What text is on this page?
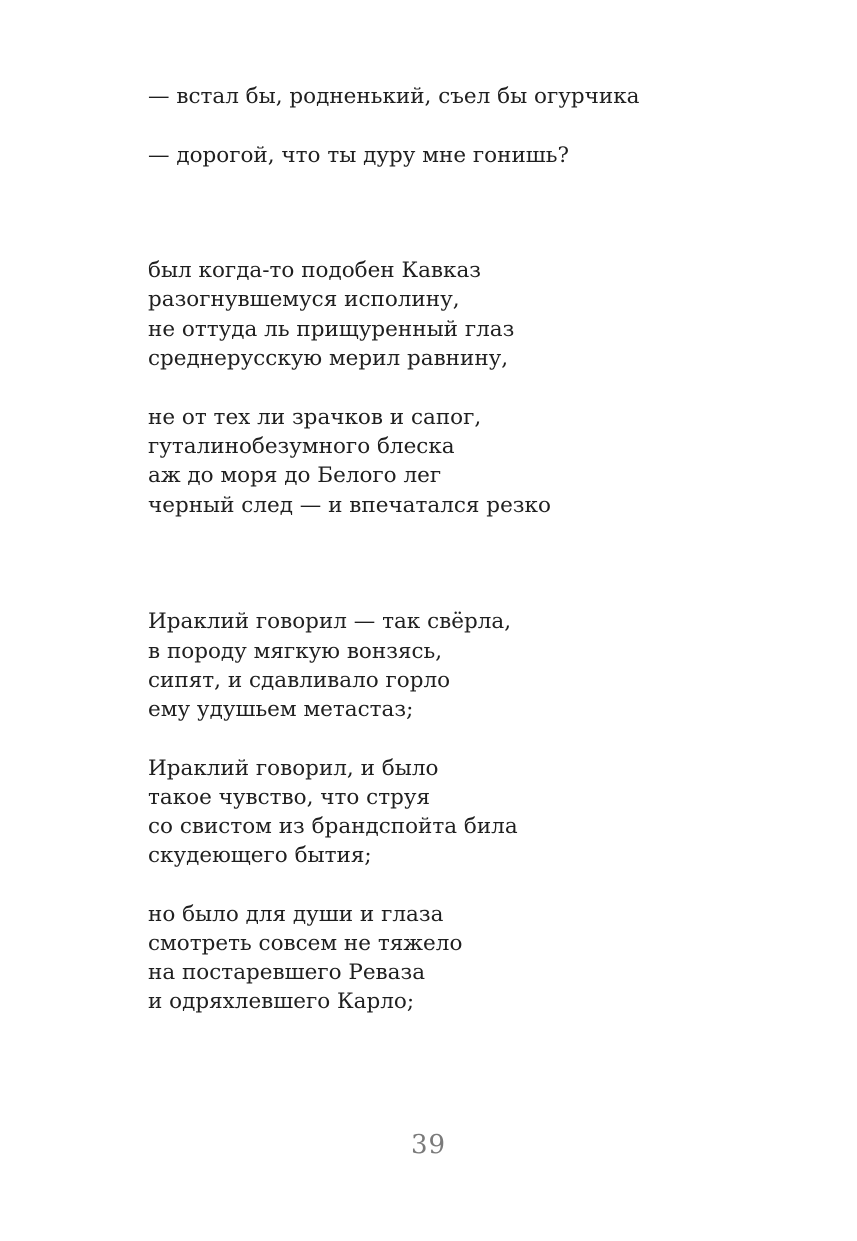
— встал бы, родненький, съел бы огурчика
— дорогой, что ты дуру мне гонишь?
был когда-то подобен Кавказ
разогнувшемуся исполину,
не оттуда ль прищуренный глаз
среднерусскую мерил равнину,
не от тех ли зрачков и сапог,
гуталинобезумного блеска
аж до моря до Белого лег
черный след — и впечатался резко
Ираклий говорил — так свёрла,
в породу мягкую вонзясь,
сипят, и сдавливало горло
ему удушьем метастаз;
Ираклий говорил, и было
такое чувство, что струя
со свистом из брандспойта била
скудеющего бытия;
но было для души и глаза
смотреть совсем не тяжело
на постаревшего Реваза
и одряхлевшего Карло;
39
